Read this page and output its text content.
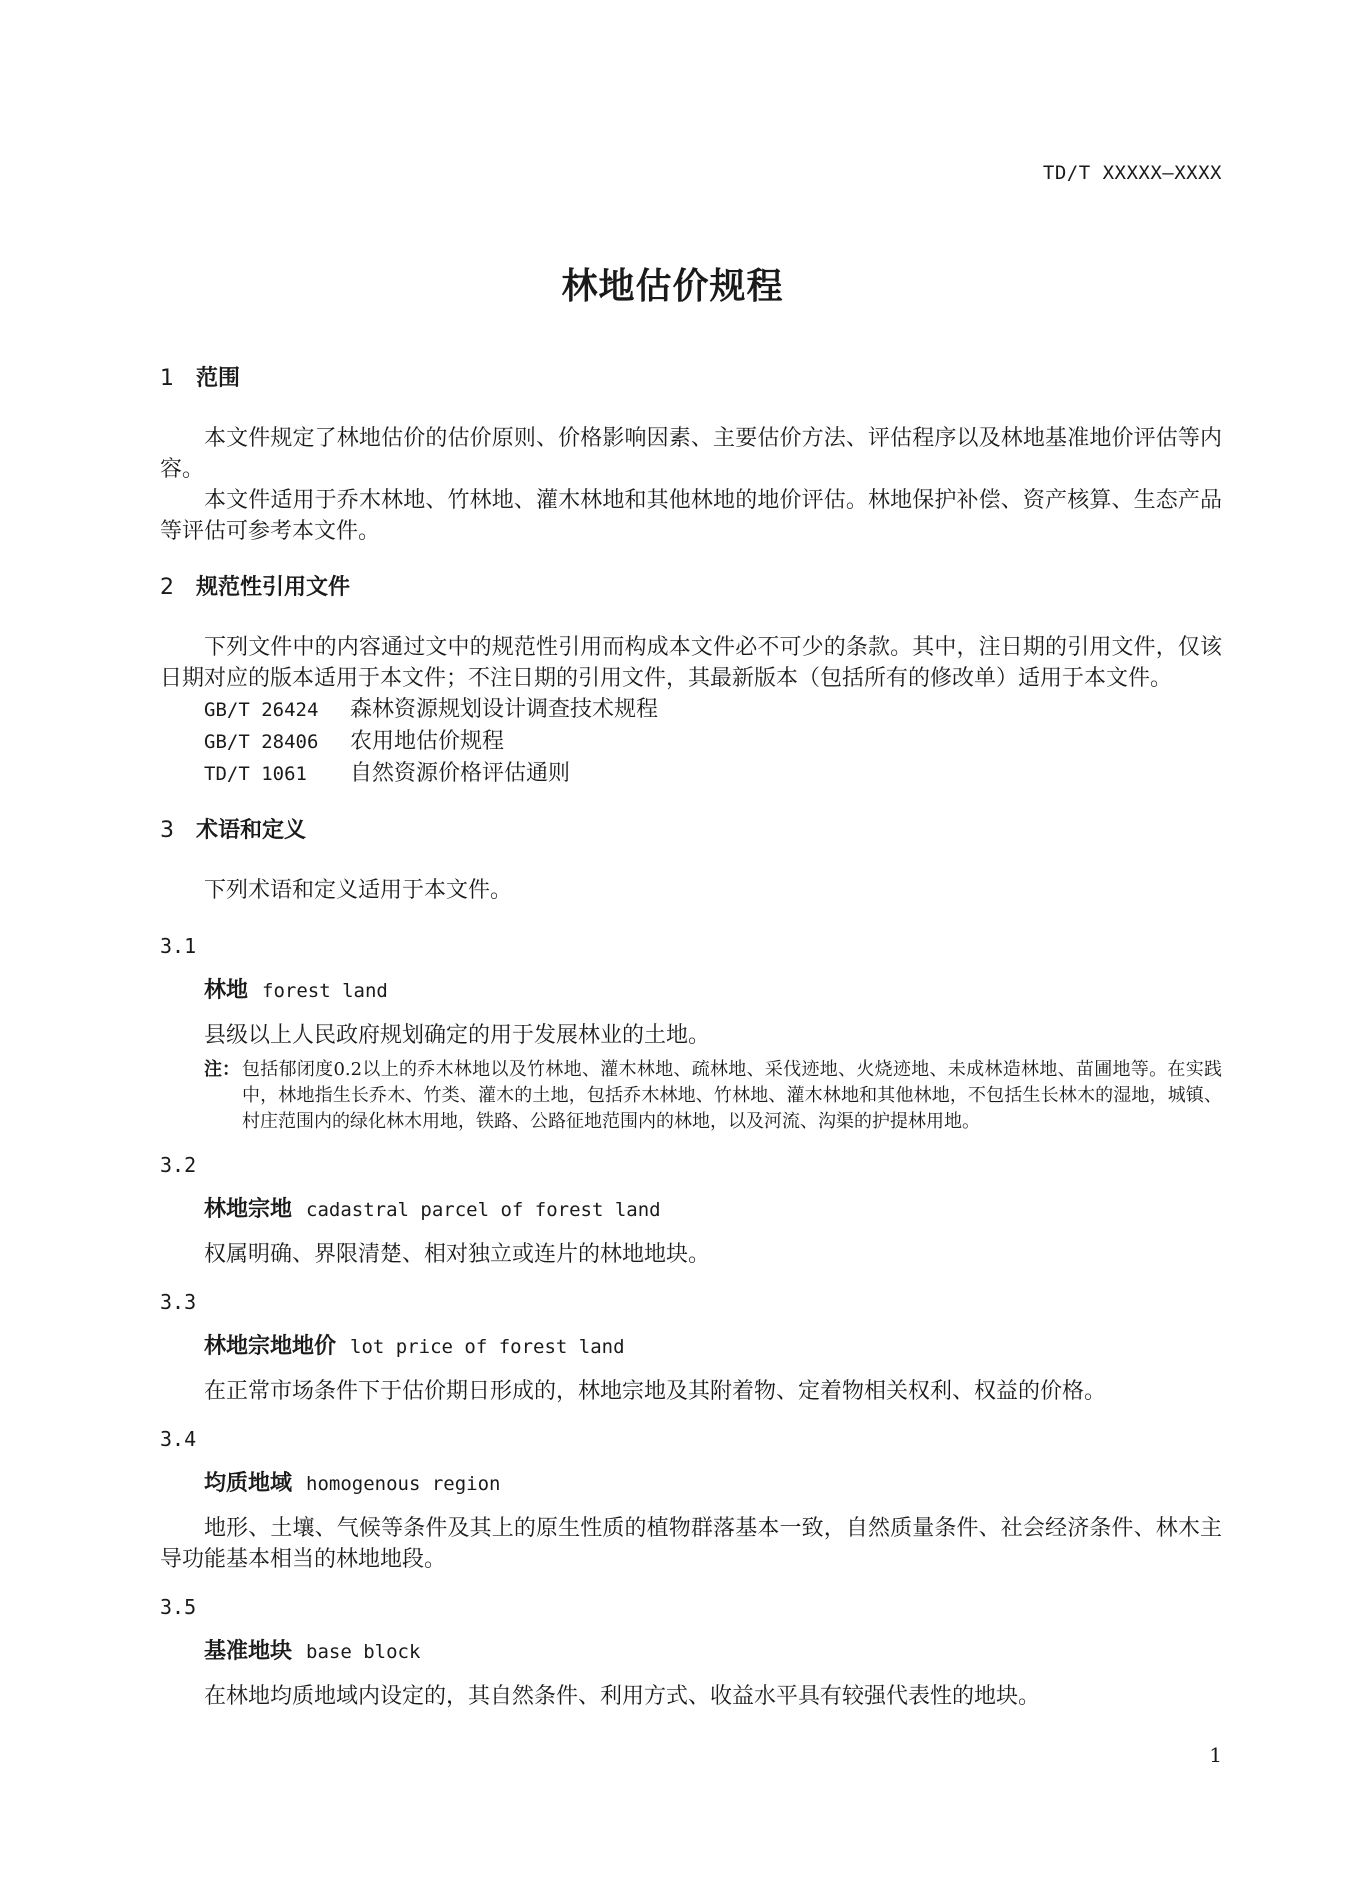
TD/T XXXXX—XXXX
林地估价规程
1 范围

本文件规定了林地估价的估价原则、价格影响因素、主要估价方法、评估程序以及林地基准地价评估等内容。

本文件适用于乔木林地、竹林地、灌木林地和其他林地的地价评估。林地保护补偿、资产核算、生态产品等评估可参考本文件。

2 规范性引用文件

下列文件中的内容通过文中的规范性引用而构成本文件必不可少的条款。其中，注日期的引用文件，仅该日期对应的版本适用于本文件；不注日期的引用文件，其最新版本（包括所有的修改单）适用于本文件。

GB/T 26424 森林资源规划设计调查技术规程
GB/T 28406 农用地估价规程
TD/T 1061 自然资源价格评估通则
3 术语和定义

下列术语和定义适用于本文件。

3.1
林地 forest land

县级以上人民政府规划确定的用于发展林业的土地。

注： 包括郁闭度0.2以上的乔木林地以及竹林地、灌木林地、疏林地、采伐迹地、火烧迹地、未成林造林地、苗圃地等。在实践中，林地指生长乔木、竹类、灌木的土地，包括乔木林地、竹林地、灌木林地和其他林地，不包括生长林木的湿地，城镇、村庄范围内的绿化林木用地，铁路、公路征地范围内的林地，以及河流、沟渠的护提林用地。
3.2
林地宗地 cadastral parcel of forest land

权属明确、界限清楚、相对独立或连片的林地地块。

3.3
林地宗地地价 lot price of forest land

在正常市场条件下于估价期日形成的，林地宗地及其附着物、定着物相关权利、权益的价格。

3.4
均质地域 homogenous region

地形、土壤、气候等条件及其上的原生性质的植物群落基本一致，自然质量条件、社会经济条件、林木主导功能基本相当的林地地段。

3.5
基准地块 base block

在林地均质地域内设定的，其自然条件、利用方式、收益水平具有较强代表性的地块。

1
